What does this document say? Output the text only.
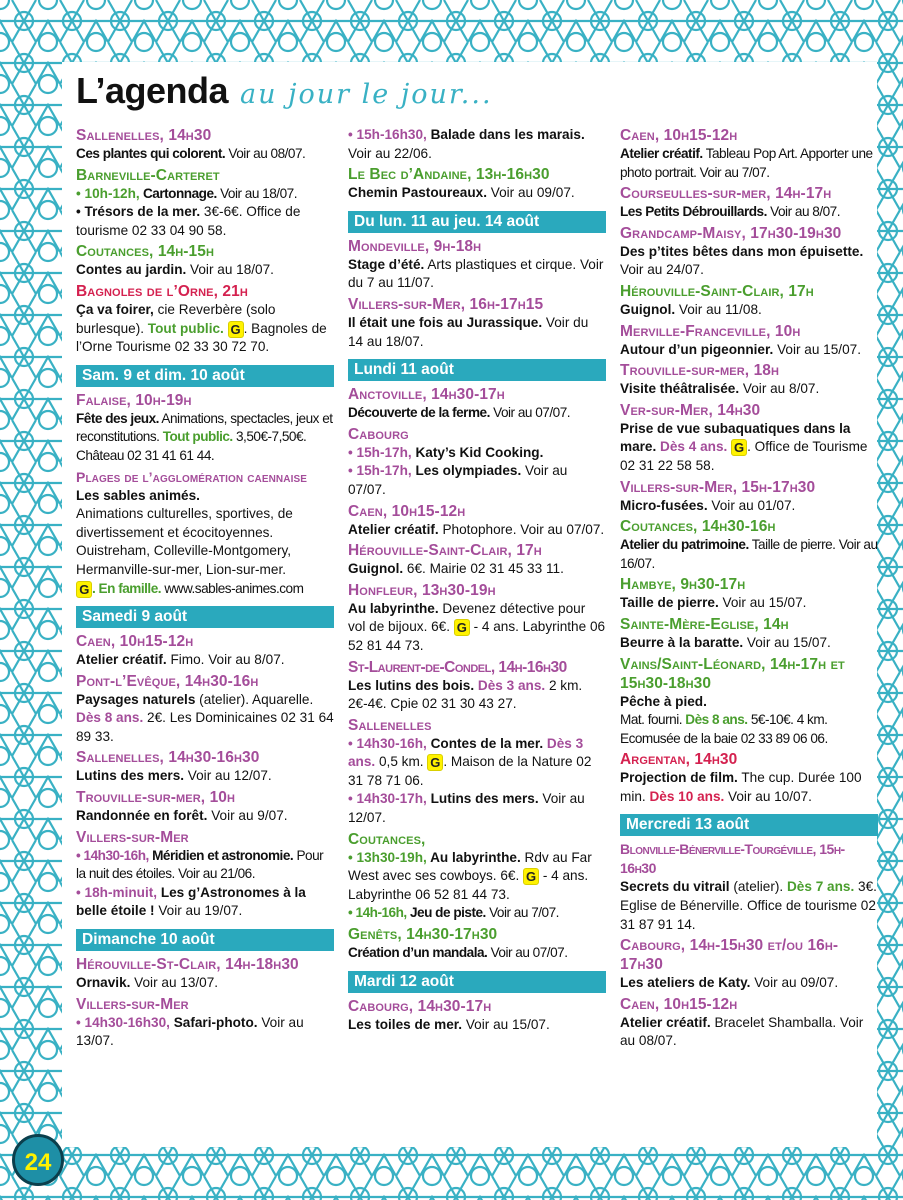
L’agenda au jour le jour...
Sallenelles, 14h30
Ces plantes qui colorent. Voir au 08/07.
Barneville-Carteret
• 10h-12h, Cartonnage. Voir au 18/07.
• Trésors de la mer. 3€-6€. Office de tourisme 02 33 04 90 58.
Coutances, 14h-15h
Contes au jardin. Voir au 18/07.
Bagnoles de l’Orne, 21h
Ça va foirer, cie Reverbère (solo burlesque). Tout public. G . Bagnoles de l’Orne Tourisme 02 33 30 72 70.
Sam. 9 et dim. 10 août
Falaise, 10h-19h
Fête des jeux. Animations, spectacles, jeux et reconstitutions. Tout public. 3,50€-7,50€. Château 02 31 41 61 44.
Plages de l’agglomération caennaise
Les sables animés.
Animations culturelles, sportives, de divertissement et écocitoyennes. Ouistreham, Colleville-Montgomery, Hermanville-sur-mer, Lion-sur-mer.
G . En famille. www.sables-animes.com
Samedi 9 août
Caen, 10h15-12h
Atelier créatif. Fimo. Voir au 8/07.
Pont-l’Evêque, 14h30-16h
Paysages naturels (atelier). Aquarelle. Dès 8 ans. 2€. Les Dominicaines 02 31 64 89 33.
Sallenelles, 14h30-16h30
Lutins des mers. Voir au 12/07.
Trouville-sur-mer, 10h
Randonnée en forêt. Voir au 9/07.
Villers-sur-Mer
• 14h30-16h, Méridien et astronomie. Pour la nuit des étoiles. Voir au 21/06.
• 18h-minuit, Les g’Astronomes à la belle étoile ! Voir au 19/07.
Dimanche 10 août
Hérouville-St-Clair, 14h-18h30
Ornavik. Voir au 13/07.
Villers-sur-Mer
• 14h30-16h30, Safari-photo. Voir au 13/07.
• 15h-16h30, Balade dans les marais. Voir au 22/06.
Le Bec d’Andaine, 13h-16h30
Chemin Pastoureaux. Voir au 09/07.
Du lun. 11 au jeu. 14 août
Mondeville, 9h-18h
Stage d’été. Arts plastiques et cirque. Voir du 7 au 11/07.
Villers-sur-Mer, 16h-17h15
Il était une fois au Jurassique. Voir du 14 au 18/07.
Lundi 11 août
Anctoville, 14h30-17h
Découverte de la ferme. Voir au 07/07.
Cabourg
• 15h-17h, Katy’s Kid Cooking.
• 15h-17h, Les olympiades. Voir au 07/07.
Caen, 10h15-12h
Atelier créatif. Photophore. Voir au 07/07.
Hérouville-Saint-Clair, 17h
Guignol. 6€. Mairie 02 31 45 33 11.
Honfleur, 13h30-19h
Au labyrinthe. Devenez détective pour vol de bijoux. 6€. G - 4 ans. Labyrinthe 06 52 81 44 73.
St-Laurent-de-Condel, 14h-16h30
Les lutins des bois. Dès 3 ans. 2 km. 2€-4€. Cpie 02 31 30 43 27.
Sallenelles
• 14h30-16h, Contes de la mer. Dès 3 ans. 0,5 km. G . Maison de la Nature 02 31 78 71 06.
• 14h30-17h, Lutins des mers. Voir au 12/07.
Coutances,
• 13h30-19h, Au labyrinthe. Rdv au Far West avec ses cowboys. 6€. G - 4 ans. Labyrinthe 06 52 81 44 73.
• 14h-16h, Jeu de piste. Voir au 7/07.
Genêts, 14h30-17h30
Création d’un mandala. Voir au 07/07.
Mardi 12 août
Cabourg, 14h30-17h
Les toiles de mer. Voir au 15/07.
Caen, 10h15-12h
Atelier créatif. Tableau Pop Art. Apporter une photo portrait. Voir au 7/07.
Courseulles-sur-mer, 14h-17h
Les Petits Débrouillards. Voir au 8/07.
Grandcamp-Maisy, 17h30-19h30
Des p’tites bêtes dans mon épuisette. Voir au 24/07.
Hérouville-Saint-Clair, 17h
Guignol. Voir au 11/08.
Merville-Franceville, 10h
Autour d’un pigeonnier. Voir au 15/07.
Trouville-sur-mer, 18h
Visite théâtralisée. Voir au 8/07.
Ver-sur-Mer, 14h30
Prise de vue subaquatiques dans la mare. Dès 4 ans. G . Office de Tourisme 02 31 22 58 58.
Villers-sur-Mer, 15h-17h30
Micro-fusées. Voir au 01/07.
Coutances, 14h30-16h
Atelier du patrimoine. Taille de pierre. Voir au 16/07.
Hambye, 9h30-17h
Taille de pierre. Voir au 15/07.
Sainte-Mère-Eglise, 14h
Beurre à la baratte. Voir au 15/07.
Vains/Saint-Léonard, 14h-17h et 15h30-18h30
Pêche à pied.
Mat. fourni. Dès 8 ans. 5€-10€. 4 km. Ecomusée de la baie 02 33 89 06 06.
Argentan, 14h30
Projection de film. The cup. Durée 100 min. Dès 10 ans. Voir au 10/07.
Mercredi 13 août
Blonville-Bénerville-Tourgéville, 15h-16h30
Secrets du vitrail (atelier). Dès 7 ans. 3€. Eglise de Bénerville. Office de tourisme 02 31 87 91 14.
Cabourg, 14h-15h30 et/ou 16h-17h30
Les ateliers de Katy. Voir au 09/07.
Caen, 10h15-12h
Atelier créatif. Bracelet Shamballa. Voir au 08/07.
24
